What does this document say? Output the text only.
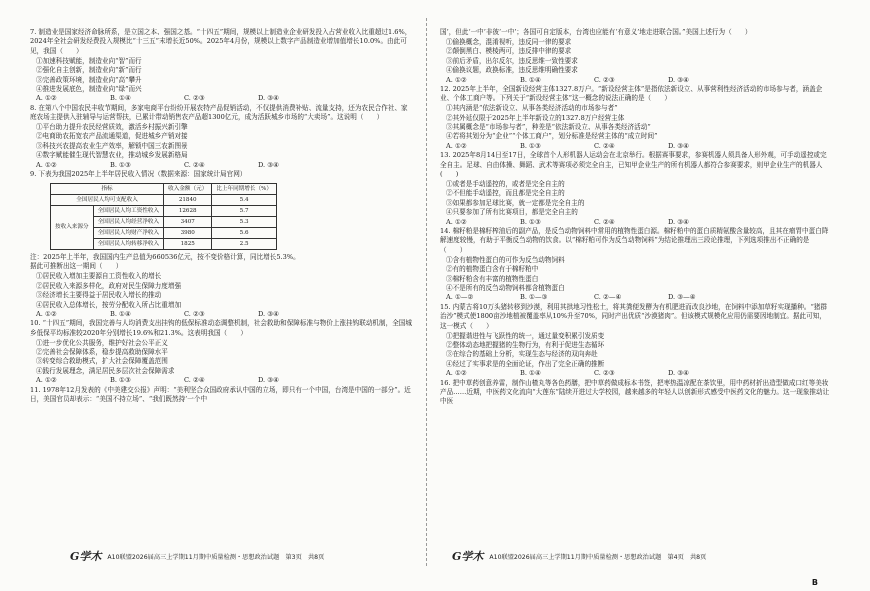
7. 制造业是国家经济命脉所系，是立国之本、强国之基。“十四五”期间，规模以上制造业企业研发投入占营业收入比重超过1.6%，2024年全社会研发经费投入规模比“十三五”末增长近50%。2025年4月份，规模以上数字产品制造业增加值增长10.0%。由此可见，我国（　　）
①加速科技赋能，制造业向“智”而行
②强化自主创新，制造业向“新”而行
③完善政策环境，制造业向“高”攀升
④推进发展底色，制造业向“绿”而兴
A. ①②	B. ①④	C. ②③	D. ③④
8. 在第八个中国农民丰收节期间，多家电商平台纷纷开展农特产品促销活动，不仅提供消费补贴、流量支持，还为农民合作社、家庭农场主提供入驻辅导与运营帮扶，已累计带动销售农产品超1300亿元，成为活跃城乡市场的“大卖场”。这说明（　　）
①平台助力提升农民经营质效，激活乡村振兴新引擎
②电商助农拓宽农产品流通渠道，促进城乡产销对接
③科技兴农提高农业生产效率，解锁中国三农新图景
④数字赋能催生现代智慧农业，推动城乡发展新格局
A. ①②	B. ①③	C. ②④	D. ③④
9. 下表为我国2025年上半年居民收入情况（数据来源：国家统计局官网）
指标		收入金额（元）	比上年同期增长（%）
全国居民人均可支配收入		21840	5.4
按收入来源分	全国居民人均工资性收入	12628	5.7
	全国居民人均经营净收入	3407	5.3
	全国居民人均财产净收入	3980	5.6
	全国居民人均转移净收入	1825	2.5
注：2025年上半年，我国国内生产总值为660536亿元，按不变价格计算，同比增长5.3%。
据此可推断出这一期间（　　）
①居民收入增加主要源自工资性收入的增长
②居民收入来源多样化，政府对民生保障力度增强
③经济增长主要得益于居民收入增长的推动
④居民收入总体增长，按劳分配收入所占比重增加
A. ①②	B. ①④	C. ②③	D. ③④
10. “十四五”期间，我国完善与人均消费支出挂钩的低保标准动态调整机制，社会救助和保障标准与物价上涨挂钩联动机制，全国城乡低保平均标准较2020年分别增长19.6%和21.3%。这表明我国（　　）
①进一步优化公共服务，维护好社会公平正义
②完善社会保障体系，稳步提高救助保障水平
③转变综合救助模式，扩大社会保障覆盖范围
④践行发展理念，满足居民多层次社会保障需求
A. ①②	B. ①③	C. ②④	D. ③④
11. 1978年12月发表的《中美建交公报》声明：“美利坚合众国政府承认中国的立场，即只有一个中国，台湾是中国的一部分”。近日，美国官员却表示：“美国不持立场”、“我们既然持‘一个中
国’，但此‘一中’非彼‘一中’；各国可自定版本，台湾也应能有‘有意义’地走进联合国。”美国上述行为（　　）
①偷换概念，混淆视听，违反同一律的要求
②颠倒黑白、模棱两可，违反排中律的要求
③前后矛盾，出尔反尔，违反思维一致性要求
④偷换议题，政换标准，违反思维明确性要求
A. ①②	B. ①④	C. ②③	D. ③④
12. 2025年上半年，全国新设经营主体1327.8万户。“新设经营主体”是指依法新设立、从事营利性经济活动的市场参与者，涵盖企业、个体工商户等。下列关于“新设经营主体”这一概念的说法正确的是（　　）
①其内涵是“依法新设立、从事各类经济活动的市场参与者”
②其外延仅限于2025年上半年新设立的1327.8万户经营主体
③其属概念是“市场参与者”，种差是“依法新设立、从事各类经济活动”
④若将其划分为“企业”“个体工商户”，划分标准是经营主体的“成立时间”
A. ①②	B. ①③	C. ②④	D. ③④
13. 2025年8月14日至17日，全球首个人形机器人运动会在北京举行。根据赛事要求，参赛机器人须具备人形外观，可手动遥控或完全自主。足球、自由体操、舞蹈、武术等赛项必须完全自主，已知甲企业生产的所有机器人都符合参赛要求，则甲企业生产的机器人(　　)
①或者是手动遥控的，或者是完全自主的
②不但能手动遥控，而且都是完全自主的
③如果都参加足球比赛，就一定都是完全自主的
④只要参加了所有比赛项目，都是完全自主的
A. ①②	B. ①③	C. ②④	D. ③④
14. 棉籽粕是棉籽榨油后的副产品，是反刍动物饲料中常用的植物性蛋白源。棉籽粕中的蛋白质精氨酸含量较高，且其在瘤胃中蛋白降解速度较慢，有助于平衡反刍动物的饮食。以“棉籽粕可作为反刍动物饲料”为结论推理出三段论推理，下列选项推出不正确的是（　　）
①含有植物性蛋白的可作为反刍动物饲料
②有的植物蛋白含有于棉籽粕中
③棉籽粕含有丰富的植物性蛋白
④不是所有的反刍动物饲料都含植物蛋白
A. ①—②	B. ①—③	C. ②—④	D. ③—④
15. 内蒙古将10万头猪转移到沙漠，利用其拱地习性松土，将其粪便发酵为有机肥进而改良沙地，在饲料中添加草籽实现播种。“猪群治沙”模式使1800亩沙地植被覆盖率从10%升至70%，同时产出优质“沙漠猪肉”。但该模式规模化应用仍需要因地制宜。据此可知，这一模式（　　）
①把握谐进性与飞跃性的统一，通过量变积累引发质变
②整体动态地把握猪的生物行为，有利于促进生态循环
③在综合的基础上分析，实现生态与经济的双向奔赴
④经过了实事求是的全面论证，作出了完全正确的推断
A. ①②	B. ①④	C. ②③	D. ③④
16. 把中草药创意养雷，制作山楂丸等各色药膳，把中草药做成标本书签，把枣热温凉配在茶饮里，用中药材折出造型做成口红等美妆产品……近期，中医药文化流向“大莲东”陆续开进过大学校园，越来越多的年轻人以创新形式感受中医药文化的魅力。这一现象推动让中医
G学木 A10联盟2026届高三上学期11月期中质量检测・思想政治试题　第3页　共8页	G学木 A10联盟2026届高三上学期11月期中质量检测・思想政治试题　第4页　共8页
B
